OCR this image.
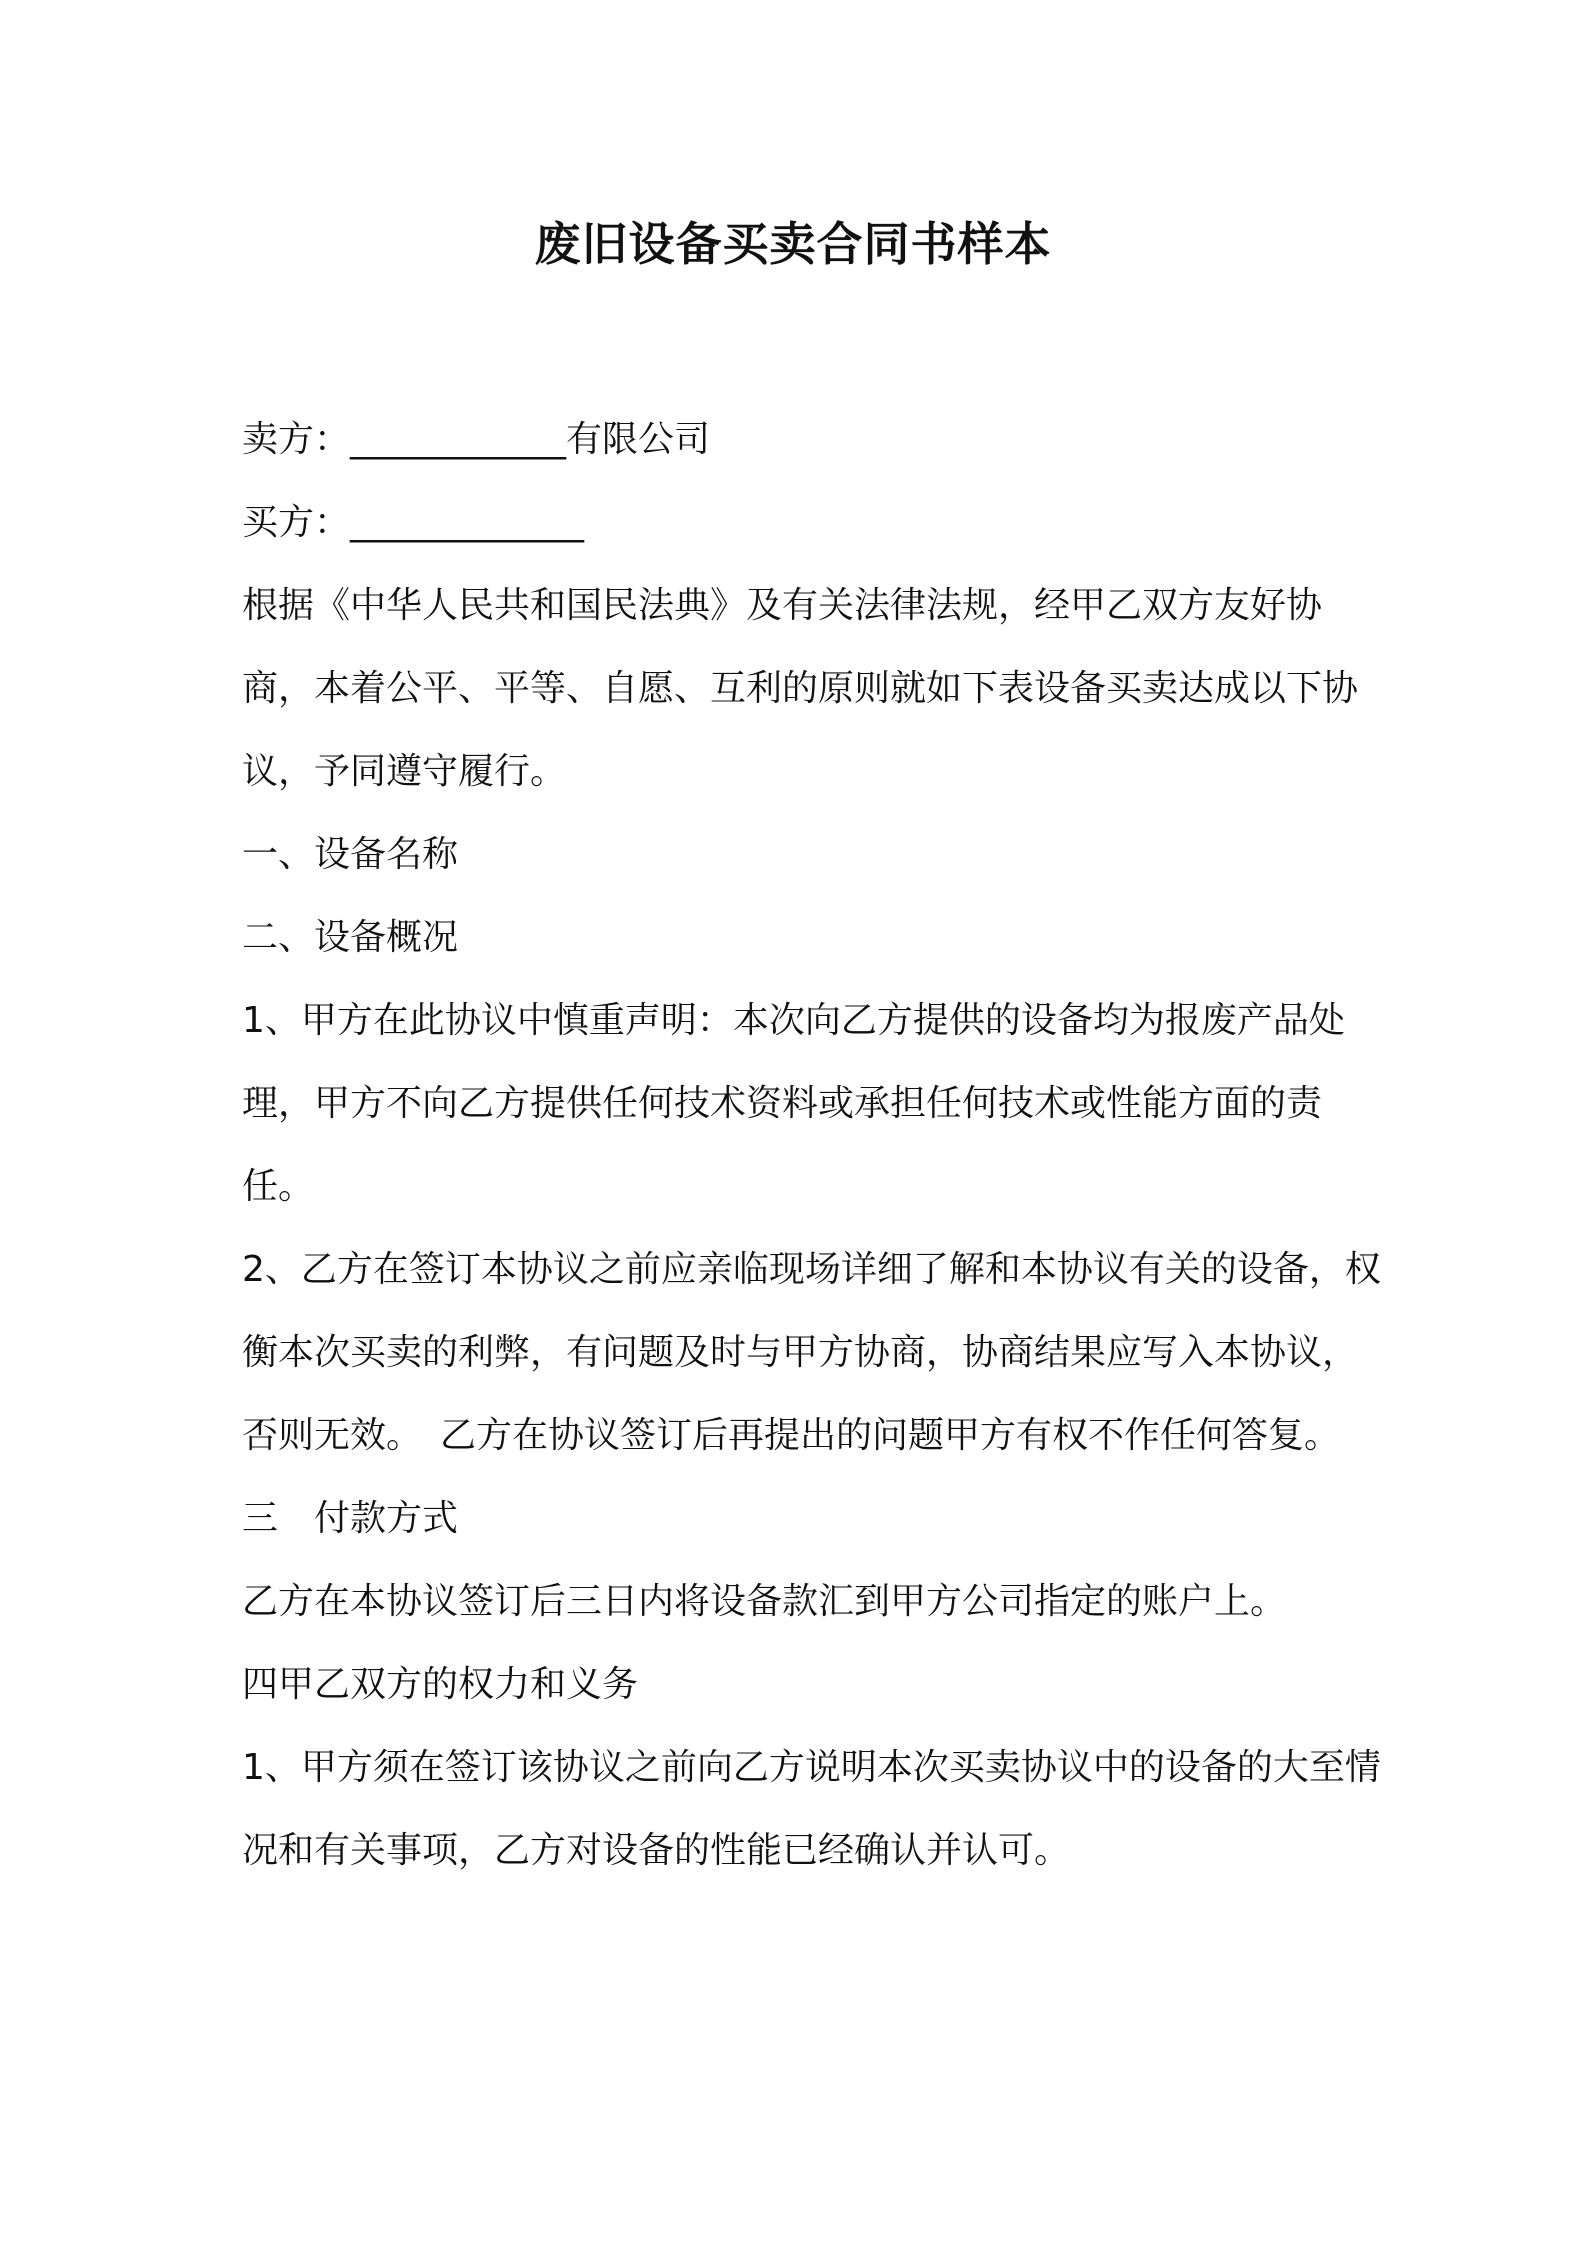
废旧设备买卖合同书样本

卖方：____________有限公司

买方：_____________

根据《中华人民共和国民法典》及有关法律法规，经甲乙双方友好协商，本着公平、平等、自愿、互利的原则就如下表设备买卖达成以下协议，予同遵守履行。

一、设备名称

二、设备概况

1、甲方在此协议中慎重声明：本次向乙方提供的设备均为报废产品处理，甲方不向乙方提供任何技术资料或承担任何技术或性能方面的责任。

2、乙方在签订本协议之前应亲临现场详细了解和本协议有关的设备，权衡本次买卖的利弊，有问题及时与甲方协商，协商结果应写入本协议，否则无效。　乙方在协议签订后再提出的问题甲方有权不作任何答复。

三　付款方式

乙方在本协议签订后三日内将设备款汇到甲方公司指定的账户上。

四甲乙双方的权力和义务

1、甲方须在签订该协议之前向乙方说明本次买卖协议中的设备的大至情况和有关事项，乙方对设备的性能已经确认并认可。
